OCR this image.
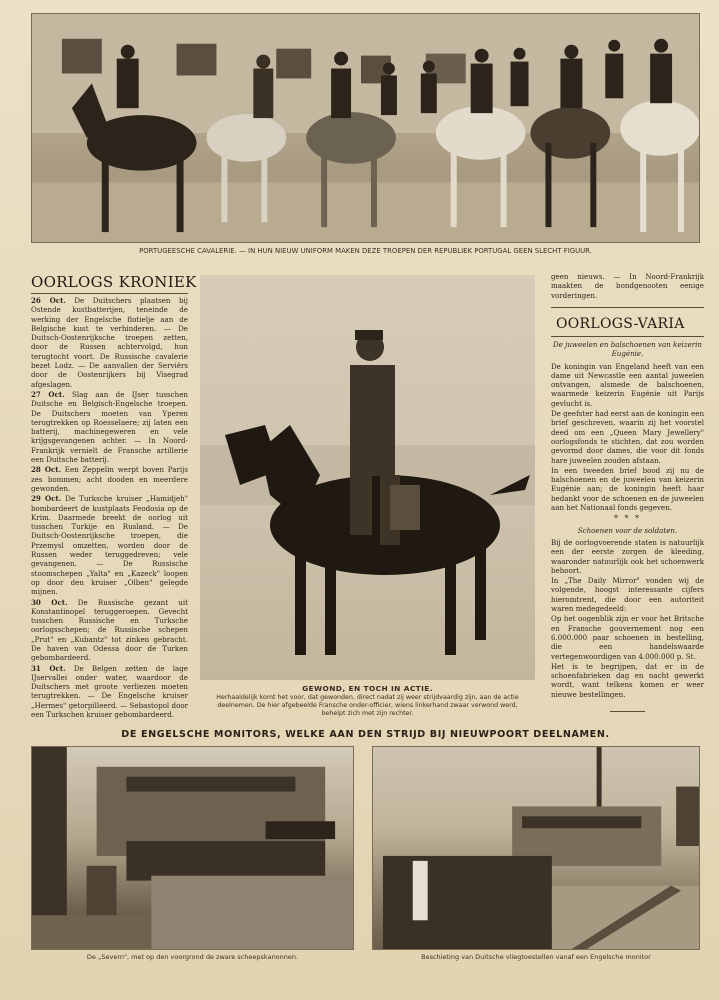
PORTUGEESCHE CAVALERIE. — IN HUN NIEUW UNIFORM MAKEN DEZE TROEPEN DER REPUBLIEK PORTUGAL GEEN SLECHT FIGUUR.
OORLOGS KRONIEK

26 Oct. De Duitschers plaatsen bij Ostende kustbatterijen, teneinde de werking der Engelsche flotielje aan de Belgische kust te verhinderen. — De Duitsch-Oostenrijksche troepen zetten, door de Russen achtervolgd, hun terugtocht voort. De Russische cavalerie bezet Lodz. — De aanvallen der Serviërs door de Oostenrijkers bij Visegrad afgeslagen.

27 Oct. Slag aan de IJser tusschen Duitsche en Belgisch-Engelsche troepen. De Duitschers moeten van Yperen terugtrekken op Roesselaere; zij laten een batterij, machinegeweren en vele krijgsgevangenen achter. — In Noord-Frankrijk vernielt de Fransche artillerie een Duitsche batterij.

28 Oct. Een Zeppelin werpt boven Parijs zes bommen; acht dooden en meerdere gewonden.

29 Oct. De Turksche kruiser „Hamidjeh" bombardeert de kustplaats Feodosia op de Krim. Daarmede breekt de oorlog uit tusschen Turkije en Rusland. — De Duitsch-Oostenrijksche troepen, die Przemysl omzetten, worden door de Russen weder teruggedreven; vele gevangenen. — De Russische stoomschepen „Yalta" en „Kazeck" loopen op door den kruiser „Olben" gelegde mijnen.

30 Oct. De Russische gezant uit Konstantinopel teruggeroepen. Gevecht tusschen Russische en Turksche oorlogsschepen; de Russische schepen „Prut" en „Kubantz" tot zinken gebracht. De haven van Odessa door de Turken gebombardeerd.

31 Oct. De Belgen zetten de lage IJservallei onder water, waardoor de Duitschers met groote verliezen moeten terugtrekken. — De Engelsche kruiser „Hermes" getorpilleerd. — Sebastopol door een Turkschen kruiser gebombardeerd.

GEWOND, EN TOCH IN ACTIE.
Herhaaldelijk komt het voor, dat gewonden, direct nadat zij weer strijdvaardig zijn, aan de actie
deelnemen. De hier afgebeelde Fransche onder-officier, wiens linkerhand zwaar verwond werd,
behelpt zich met zijn rechter.
geen nieuws. — In Noord-Frankrijk maakten de bondgenooten eenige vorderingen.
OORLOGS-VARIA

De juweelen en balschoenen van keizerin Eugénie.

De koningin van Engeland heeft van een dame uit Newcastle een aantal juweelen ontvangen, alsmede de balschoenen, waarmede keizerin Eugénie uit Parijs gevlucht is.

De geefster had eerst aan de koningin een brief geschreven, waarin zij het voorstel deed om een „Queen Mary Jewellery" oorlogsfonds te stichten, dat zou worden gevormd door dames, die voor dit fonds hare juweelen zouden afstaan.

In een tweeden brief bood zij nu de balschoenen en de juweelen van keizerin Eugénie aan; de koningin heeft haar bedankt voor de schoenen en de juweelen aan het Nationaal fonds gegeven.

* * *

Schoenen voor de soldaten.

Bij de oorlogvoerende staten is natuurlijk een der eerste zorgen de kleeding, waaronder natuurlijk ook het schoenwerk behoort.

In „The Daily Mirror" vonden wij de volgende, hoogst interessante cijfers hieromtrent, die door een autoriteit waren medegedeeld:

Op het oogenblik zijn er voor het Britsche en Fransche gouvernement nog een 6.000.000 paar schoenen in bestelling, die een handelswaarde vertegenwoordigen van 4.000.000 p. St.

Het is te begrijpen, dat er in de schoenfabrieken dag en nacht gewerkt wordt, want telkens komen er weer nieuwe bestellingen.

DE ENGELSCHE MONITORS, WELKE AAN DEN STRIJD BIJ NIEUWPOORT DEELNAMEN.
De „Severn", met op den voorgrond de zware scheepskanonnen.	Beschieting van Duitsche vliegtoestellen vanaf een Engelsche monitor
